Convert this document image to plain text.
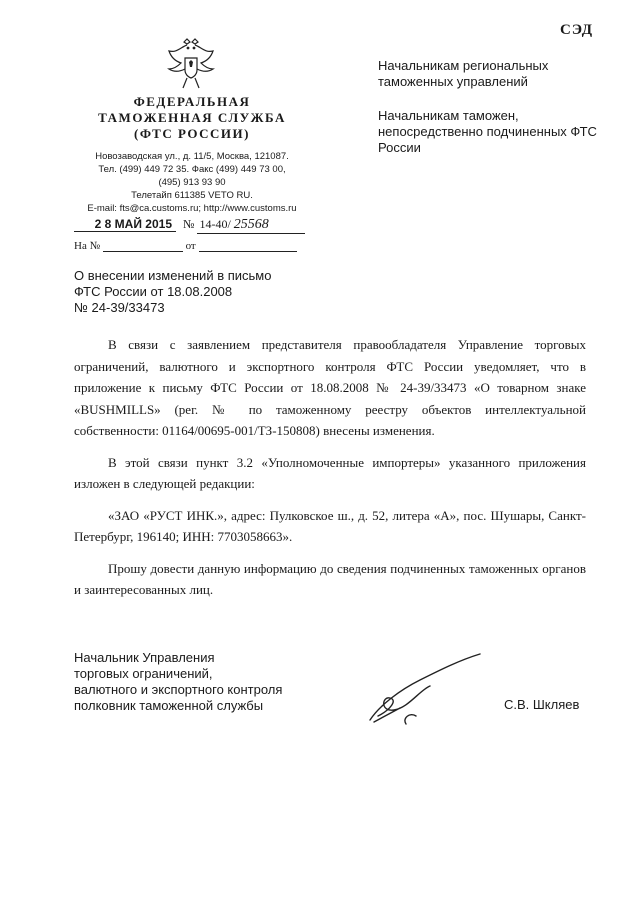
СЭД
ФЕДЕРАЛЬНАЯ
ТАМОЖЕННАЯ СЛУЖБА
(ФТС РОССИИ)
Новозаводская ул., д. 11/5, Москва, 121087.
Тел. (499) 449 72 35. Факс (499) 449 73 00,
(495) 913 93 90
Телетайп 611385 VETO RU.
E-mail: fts@ca.customs.ru; http://www.customs.ru
2 8 МАЙ 2015 № 14-40/ 25568
На №	от
Начальникам региональных таможенных управлений
Начальникам таможен, непосредственно подчиненных ФТС России
О внесении изменений в письмо
ФТС России от 18.08.2008
№ 24-39/33473

В связи с заявлением представителя правообладателя Управление торговых ограничений, валютного и экспортного контроля ФТС России уведомляет, что в приложение к письму ФТС России от 18.08.2008 № 24-39/33473 «О товарном знаке «BUSHMILLS» (рег. № по таможенному реестру объектов интеллектуальной собственности: 01164/00695-001/ТЗ-150808) внесены изменения.

В этой связи пункт 3.2 «Уполномоченные импортеры» указанного приложения изложен в следующей редакции:

«ЗАО «РУСТ ИНК.», адрес: Пулковское ш., д. 52, литера «А», пос. Шушары, Санкт-Петербург, 196140; ИНН: 7703058663».

Прошу довести данную информацию до сведения подчиненных таможенных органов и заинтересованных лиц.

Начальник Управления
торговых ограничений,
валютного и экспортного контроля
полковник таможенной службы	С.В. Шкляев
